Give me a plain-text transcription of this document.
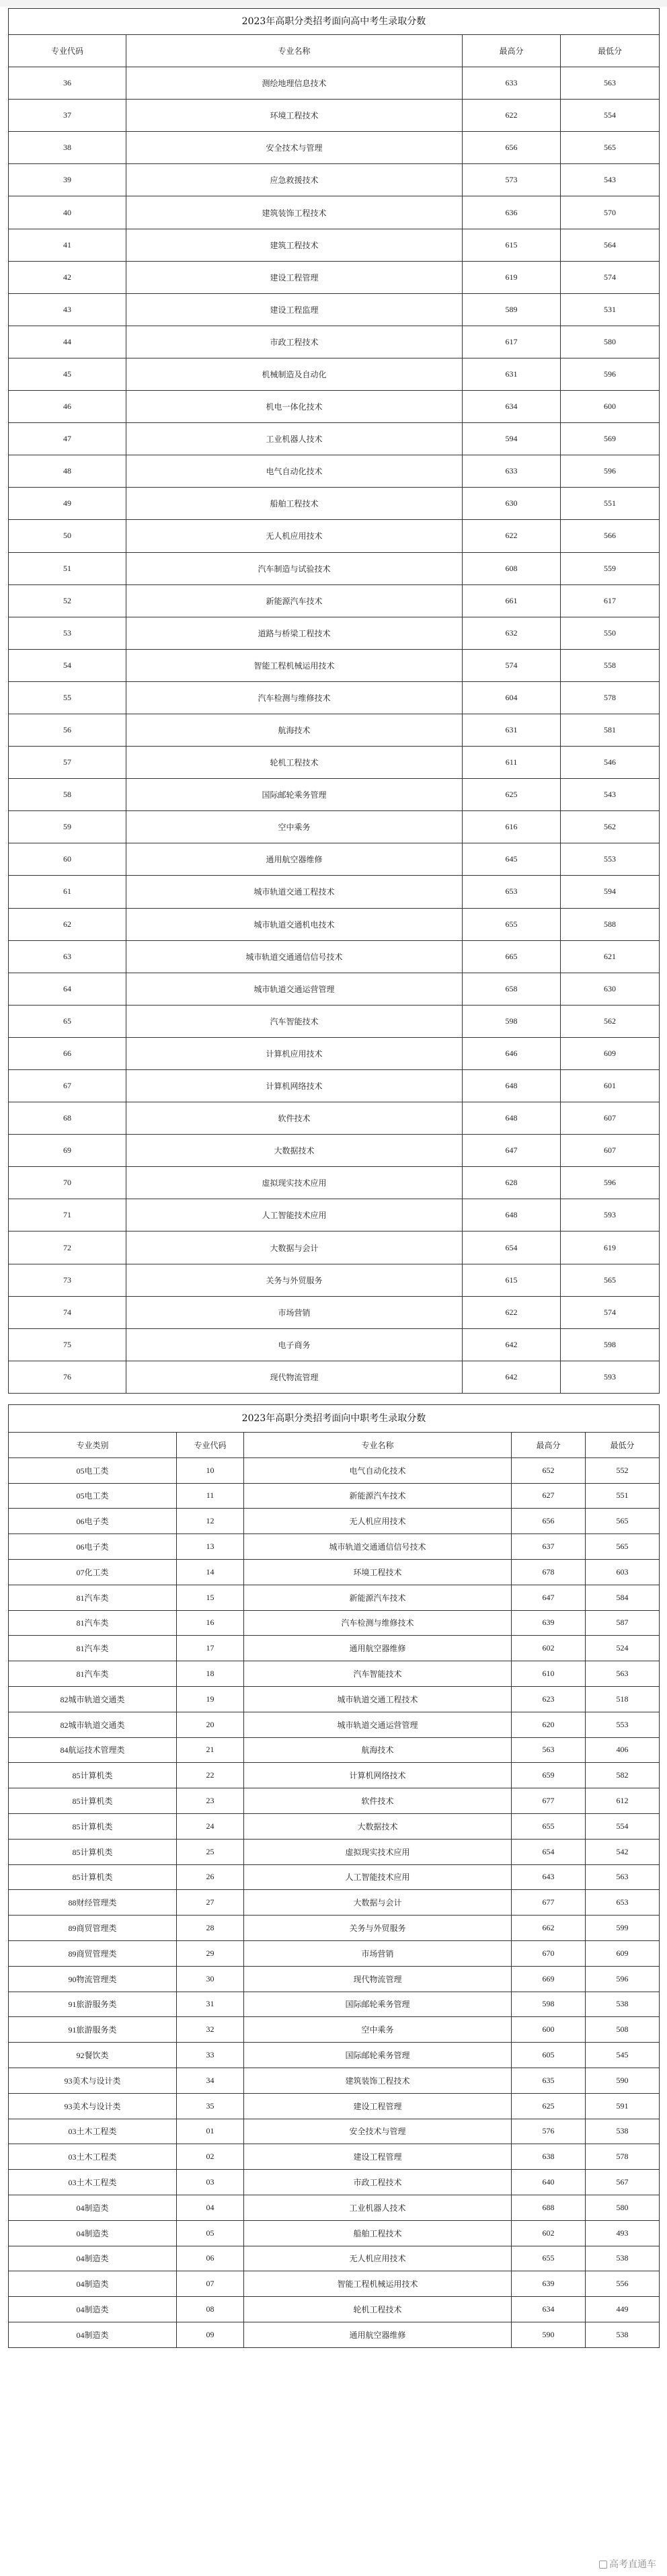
2023年高职分类招考面向高中考生录取分数
专业代码	专业名称	最高分	最低分
36	测绘地理信息技术	633	563
37	环境工程技术	622	554
38	安全技术与管理	656	565
39	应急救援技术	573	543
40	建筑装饰工程技术	636	570
41	建筑工程技术	615	564
42	建设工程管理	619	574
43	建设工程监理	589	531
44	市政工程技术	617	580
45	机械制造及自动化	631	596
46	机电一体化技术	634	600
47	工业机器人技术	594	569
48	电气自动化技术	633	596
49	船舶工程技术	630	551
50	无人机应用技术	622	566
51	汽车制造与试验技术	608	559
52	新能源汽车技术	661	617
53	道路与桥梁工程技术	632	550
54	智能工程机械运用技术	574	558
55	汽车检测与维修技术	604	578
56	航海技术	631	581
57	轮机工程技术	611	546
58	国际邮轮乘务管理	625	543
59	空中乘务	616	562
60	通用航空器维修	645	553
61	城市轨道交通工程技术	653	594
62	城市轨道交通机电技术	655	588
63	城市轨道交通通信信号技术	665	621
64	城市轨道交通运营管理	658	630
65	汽车智能技术	598	562
66	计算机应用技术	646	609
67	计算机网络技术	648	601
68	软件技术	648	607
69	大数据技术	647	607
70	虚拟现实技术应用	628	596
71	人工智能技术应用	648	593
72	大数据与会计	654	619
73	关务与外贸服务	615	565
74	市场营销	622	574
75	电子商务	642	598
76	现代物流管理	642	593
2023年高职分类招考面向中职考生录取分数
专业类别	专业代码	专业名称	最高分	最低分
05电工类	10	电气自动化技术	652	552
05电工类	11	新能源汽车技术	627	551
06电子类	12	无人机应用技术	656	565
06电子类	13	城市轨道交通通信信号技术	637	565
07化工类	14	环境工程技术	678	603
81汽车类	15	新能源汽车技术	647	584
81汽车类	16	汽车检测与维修技术	639	587
81汽车类	17	通用航空器维修	602	524
81汽车类	18	汽车智能技术	610	563
82城市轨道交通类	19	城市轨道交通工程技术	623	518
82城市轨道交通类	20	城市轨道交通运营管理	620	553
84航运技术管理类	21	航海技术	563	406
85计算机类	22	计算机网络技术	659	582
85计算机类	23	软件技术	677	612
85计算机类	24	大数据技术	655	554
85计算机类	25	虚拟现实技术应用	654	542
85计算机类	26	人工智能技术应用	643	563
88财经管理类	27	大数据与会计	677	653
89商贸管理类	28	关务与外贸服务	662	599
89商贸管理类	29	市场营销	670	609
90物流管理类	30	现代物流管理	669	596
91旅游服务类	31	国际邮轮乘务管理	598	538
91旅游服务类	32	空中乘务	600	508
92餐饮类	33	国际邮轮乘务管理	605	545
93美术与设计类	34	建筑装饰工程技术	635	590
93美术与设计类	35	建设工程管理	625	591
03土木工程类	01	安全技术与管理	576	538
03土木工程类	02	建设工程管理	638	578
03土木工程类	03	市政工程技术	640	567
04制造类	04	工业机器人技术	688	580
04制造类	05	船舶工程技术	602	493
04制造类	06	无人机应用技术	655	538
04制造类	07	智能工程机械运用技术	639	556
04制造类	08	轮机工程技术	634	449
04制造类	09	通用航空器维修	590	538
高考直通车
